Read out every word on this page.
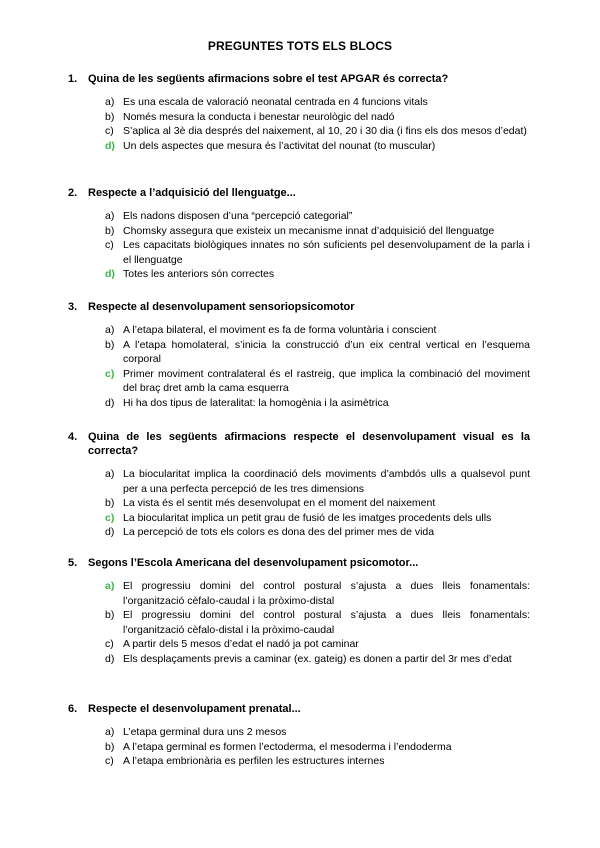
PREGUNTES TOTS ELS BLOCS
1. Quina de les següents afirmacions sobre el test APGAR és correcta?
a) Es una escala de valoració neonatal centrada en 4 funcions vitals
b) Només mesura la conducta i benestar neurològic del nadó
c) S’aplica al 3è dia després del naixement, al 10, 20 i 30 dia (i fins els dos mesos d’edat)
d) Un dels aspectes que mesura és l’activitat del nounat (to muscular)
2. Respecte a l’adquisició del llenguatge...
a) Els nadons disposen d’una “percepció categorial”
b) Chomsky assegura que existeix un mecanisme innat d’adquisició del llenguatge
c) Les capacitats biològiques innates no són suficients pel desenvolupament de la parla i el llenguatge
d) Totes les anteriors són correctes
3. Respecte al desenvolupament sensoriopsicomotor
a) A l’etapa bilateral, el moviment es fa de forma voluntària i conscient
b) A l’etapa homolateral, s’inicia la construcció d’un eix central vertical en l’esquema corporal
c) Primer moviment contralateral és el rastreig, que implica la combinació del moviment del braç dret amb la cama esquerra
d) Hi ha dos tipus de lateralitat: la homogènia i la asimètrica
4. Quina de les següents afirmacions respecte el desenvolupament visual es la correcta?
a) La biocularitat implica la coordinació dels moviments d’ambdós ulls a qualsevol punt per a una perfecta percepció de les tres dimensions
b) La vista és el sentit més desenvolupat en el moment del naixement
c) La biocularitat implica un petit grau de fusió de les imatges procedents dels ulls
d) La percepció de tots els colors es dona des del primer mes de vida
5. Segons l’Escola Americana del desenvolupament psicomotor...
a) El progressiu domini del control postural s’ajusta a dues lleis fonamentals: l’organització cèfalo-caudal i la pròximo-distal
b) El progressiu domini del control postural s’ajusta a dues lleis fonamentals: l’organització cèfalo-distal i la pròximo-caudal
c) A partir dels 5 mesos d’edat el nadó ja pot caminar
d) Els desplaçaments previs a caminar (ex. gateig) es donen a partir del 3r mes d’edat
6. Respecte el desenvolupament prenatal...
a) L’etapa germinal dura uns 2 mesos
b) A l’etapa germinal es formen l’ectoderma, el mesoderma i l’endoderma
c) A l’etapa embrionària es perfilen les estructures internes
